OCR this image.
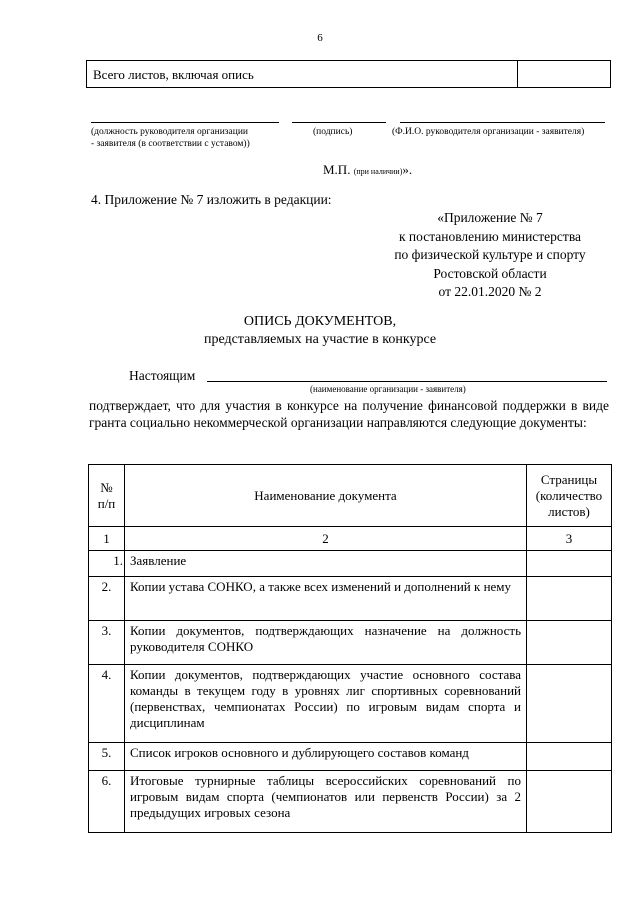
6
Всего листов, включая опись
(должность руководителя организации
- заявителя (в соответствии с уставом))
(подпись)	(Ф.И.О. руководителя организации - заявителя)
М.П. (при наличии)».
4. Приложение № 7 изложить в редакции:
«Приложение № 7
к постановлению министерства
по физической культуре и спорту
Ростовской области
от 22.01.2020 № 2
ОПИСЬ ДОКУМЕНТОВ,
представляемых на участие в конкурсе
Настоящим
(наименование организации - заявителя)
подтверждает, что для участия в конкурсе на получение финансовой поддержки в виде гранта социально некоммерческой организации направляются следующие документы:
№
п/п	Наименование документа	Страницы (количество листов)
1	2	3
1.	Заявление	
2.	Копии устава СОНКО, а также всех изменений и дополнений к нему	
3.	Копии документов, подтверждающих назначение на должность руководителя СОНКО	
4.	Копии документов, подтверждающих участие основного состава команды в текущем году в уровнях лиг спортивных соревнований (первенствах, чемпионатах России) по игровым видам спорта и дисциплинам	
5.	Список игроков основного и дублирующего составов команд	
6.	Итоговые турнирные таблицы всероссийских соревнований по игровым видам спорта (чемпионатов или первенств России) за 2 предыдущих игровых сезона	
